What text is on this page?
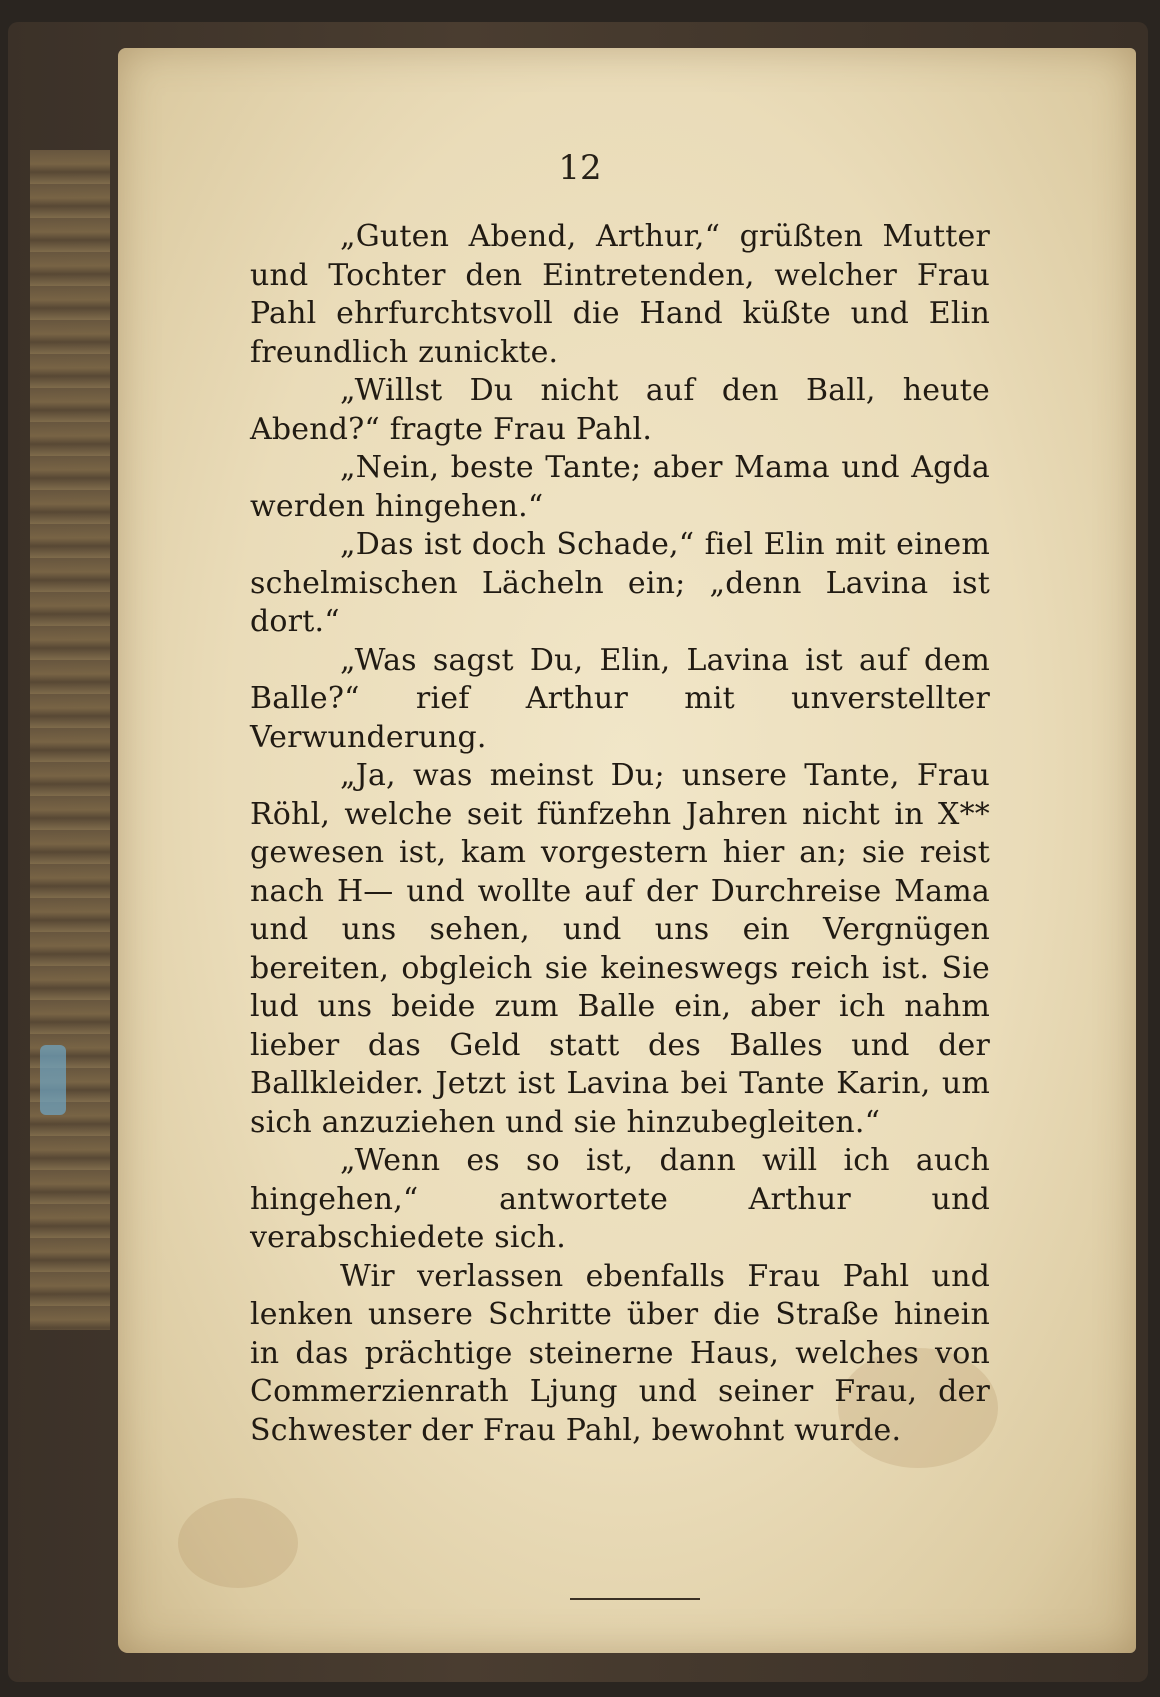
12

„Guten Abend, Arthur,“ grüßten Mutter und Tochter den Eintretenden, welcher Frau Pahl ehrfurchtsvoll die Hand küßte und Elin freundlich zunickte.

„Willst Du nicht auf den Ball, heute Abend?“ fragte Frau Pahl.

„Nein, beste Tante; aber Mama und Agda werden hingehen.“

„Das ist doch Schade,“ fiel Elin mit einem schelmischen Lächeln ein; „denn Lavina ist dort.“

„Was sagst Du, Elin, Lavina ist auf dem Balle?“ rief Arthur mit unverstellter Verwunderung.

„Ja, was meinst Du; unsere Tante, Frau Röhl, welche seit fünfzehn Jahren nicht in X** gewesen ist, kam vorgestern hier an; sie reist nach H— und wollte auf der Durchreise Mama und uns sehen, und uns ein Vergnügen bereiten, obgleich sie keineswegs reich ist. Sie lud uns beide zum Balle ein, aber ich nahm lieber das Geld statt des Balles und der Ballkleider. Jetzt ist Lavina bei Tante Karin, um sich anzuziehen und sie hinzubegleiten.“

„Wenn es so ist, dann will ich auch hingehen,“ antwortete Arthur und verabschiedete sich.

Wir verlassen ebenfalls Frau Pahl und lenken unsere Schritte über die Straße hinein in das prächtige steinerne Haus, welches von Commerzienrath Ljung und seiner Frau, der Schwester der Frau Pahl, bewohnt wurde.
